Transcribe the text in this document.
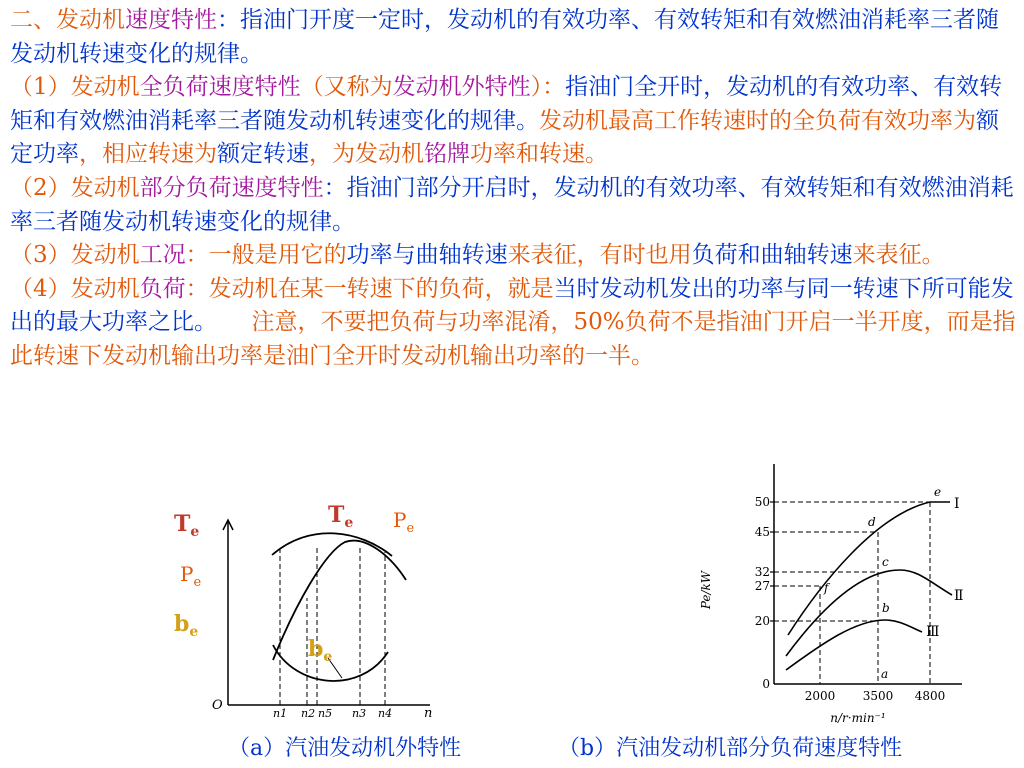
二、发动机速度特性：指油门开度一定时，发动机的有效功率、有效转矩和有效燃油消耗率三者随发动机转速变化的规律。

（1）发动机全负荷速度特性（又称为发动机外特性）：指油门全开时，发动机的有效功率、有效转矩和有效燃油消耗率三者随发动机转速变化的规律。发动机最高工作转速时的全负荷有效功率为额定功率，相应转速为额定转速，为发动机铭牌功率和转速。

（2）发动机部分负荷速度特性：指油门部分开启时，发动机的有效功率、有效转矩和有效燃油消耗率三者随发动机转速变化的规律。

（3）发动机工况：一般是用它的功率与曲轴转速来表征，有时也用负荷和曲轴转速来表征。

（4）发动机负荷：发动机在某一转速下的负荷，就是当时发动机发出的功率与同一转速下所可能发出的最大功率之比。　　注意，不要把负荷与功率混淆，50%负荷不是指油门开启一半开度，而是指此转速下发动机输出功率是油门全开时发动机输出功率的一半。

$T_e$
$P_e$
$b_e$
O
n
$T_e$ $P_e$
$b_e$
n1 n2 n5 n3 n4
50
45
32
27
20
0
Pe/kW
e
d
c
f
b
a
I
Ⅱ
Ⅲ
2000 3500 4800
n/r·min⁻¹
（a）汽油发动机外特性	（b）汽油发动机部分负荷速度特性
